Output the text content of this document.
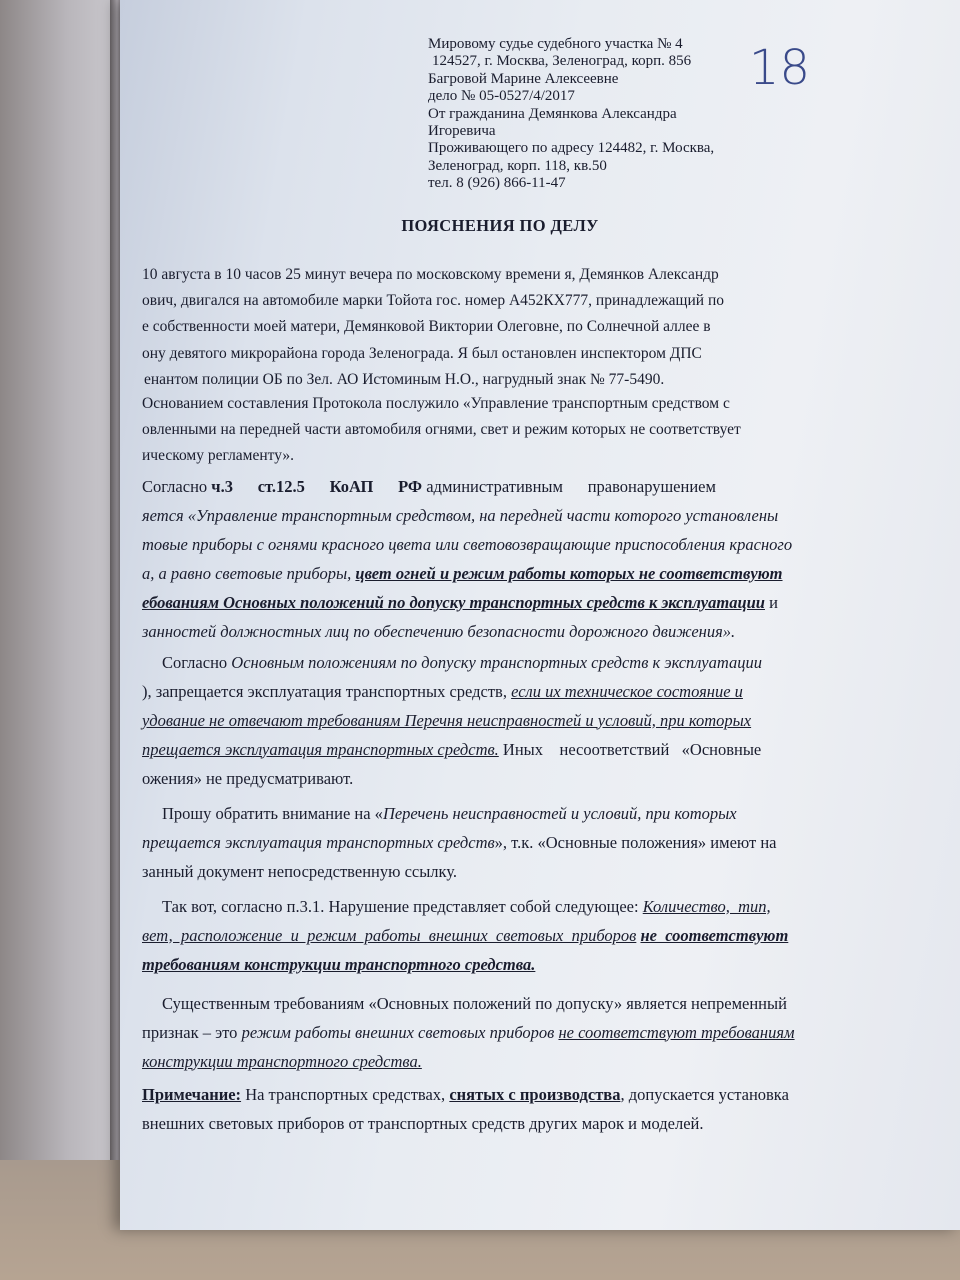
18
Мировому судье судебного участка № 4
124527, г. Москва, Зеленоград, корп. 856
Багровой Марине Алексеевне
дело № 05-0527/4/2017
От гражданина Демянкова Александра
Игоревича
Проживающего по адресу 124482, г. Москва,
Зеленоград, корп. 118, кв.50
тел. 8 (926) 866-11-47
ПОЯСНЕНИЯ ПО ДЕЛУ

10 августа в 10 часов 25 минут вечера по московскому времени я, Демянков Александр
ович, двигался на автомобиле марки Тойота гос. номер А452КХ777, принадлежащий по
е собственности моей матери, Демянковой Виктории Олеговне, по Солнечной аллее в
ону девятого микрорайона города Зеленограда. Я был остановлен инспектором ДПС
енантом полиции ОБ по Зел. АО Истоминым Н.О., нагрудный знак № 77-5490.

Основанием составления Протокола послужило «Управление транспортным средством с
овленными на передней части автомобиля огнями, свет и режим которых не соответствует
ическому регламенту».

Согласно ч.3      ст.12.5      КоАП      РФ административным      правонарушением
яется «Управление транспортным средством, на передней части которого установлены
товые приборы с огнями красного цвета или световозвращающие приспособления красного
а, а равно световые приборы, цвет огней и режим работы которых не соответствуют
ебованиям Основных положений по допуску транспортных средств к эксплуатации и
занностей должностных лиц по обеспечению безопасности дорожного движения».

Согласно Основным положениям по допуску транспортных средств к эксплуатации
), запрещается эксплуатация транспортных средств, если их техническое состояние и
удование не отвечают требованиям Перечня неисправностей и условий, при которых
прещается эксплуатация транспортных средств. Иных    несоответствий   «Основные
ожения» не предусматривают.

Прошу обратить внимание на «Перечень неисправностей и условий, при которых
прещается эксплуатация транспортных средств», т.к. «Основные положения» имеют на
занный документ непосредственную ссылку.

Так вот, согласно п.3.1. Нарушение представляет собой следующее: Количество,  тип,
вет,  расположение  и  режим  работы  внешних  световых  приборов не  соответствуют
требованиям конструкции транспортного средства.

Существенным требованиям «Основных положений по допуску» является непременный
признак – это режим работы внешних световых приборов не соответствуют требованиям
конструкции транспортного средства.

Примечание: На транспортных средствах, снятых с производства, допускается установка
внешних световых приборов от транспортных средств других марок и моделей.
